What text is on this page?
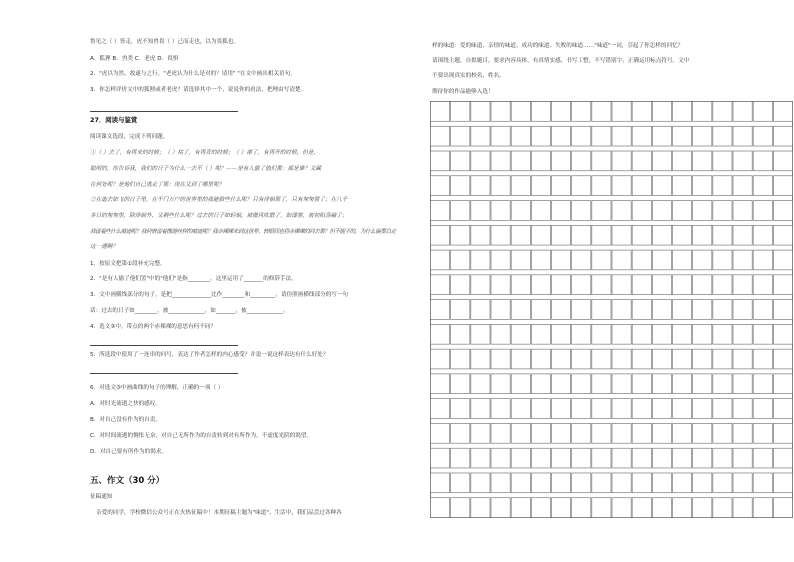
鲁见之（ ）皆走，虎不知兽畏（ ）己而走也，以为畏狐也。
A．狐狸 B．兽类 C．老虎 D．畏惧
2．"虎以为然，故遂与之行。"老虎认为什么是对的？请用" "在文中画出相关语句。
3．你怎样评价文中的狐狸或者老虎？请选择其中一个，说说你的看法，把理由写清楚。
27．阅读与鉴赏
阅读课文选段，完成下列问题。
①（ ）去了，有再来的时候；（ ）枯了，有再青的时候；（ ）谢了，有再开的时候。但是，
聪明的，你告诉我，我们的日子为什么一去不（ ）呢？——是有人偷了他们罢：那是谁？又藏
在何处呢？是他们自己逃走了罢：现在又到了哪里呢？
②在逝去如飞的日子里，在千门万户的世界里的我能做些什么呢？只有徘徊罢了，只有匆匆罢了；在八千
多日的匆匆里，除徘徊外，又剩些什么呢？过去的日子如轻烟，被微风吹散了，如薄雾，被初阳蒸融了；
我留着些什么痕迹呢？我何曾留着像游丝样的痕迹呢？我赤裸裸来到这世界，转眼间也将赤裸裸的回去罢？但不能平的，为什么偏要白走
这一遭啊？
1．按原文把第①段补充完整。
2．"是有人偷了他们罢"中的"他们"是指________，这里运用了_______的修辞手法。
3．文中画横线部分的句子，是把______________比作________和_________，请仿照画横线部分的写一句
话：过去的日子如________，被_____________，如_______，被_____________。
4．选文③中，带点的两个赤裸裸的意思有何不同？
5．所选段中使用了一连串的问号，表达了作者怎样的内心感受？并说一说这样表达有什么好处？
6．对选文③中画曲线的句子的理解，正确的一项（ ）
A．对时光流逝之快的感叹。
B．对自己没有作为的自责。
C．对时间流逝的惆怅无奈，对自己无所作为的自责转到对有所作为，不虚度光阴的渴望。
D．对自己要有所作为的渴求。
五、作文（30 分）
征稿通知
亲爱的同学，学校微信公众号正在火热征稿中！本期征稿主题为"味道"。生活中，我们品尝过各种各
样的味道：爱的味道、亲情的味道、成功的味道、失败的味道……"味道"一词，引起了你怎样的回忆？
请围绕主题，自拟题目，要求内容具体，有真情实感，书写工整，不写错别字，正确运用标点符号。文中
不要出现真实的校名、姓名。
期待你的作品能够入选！
